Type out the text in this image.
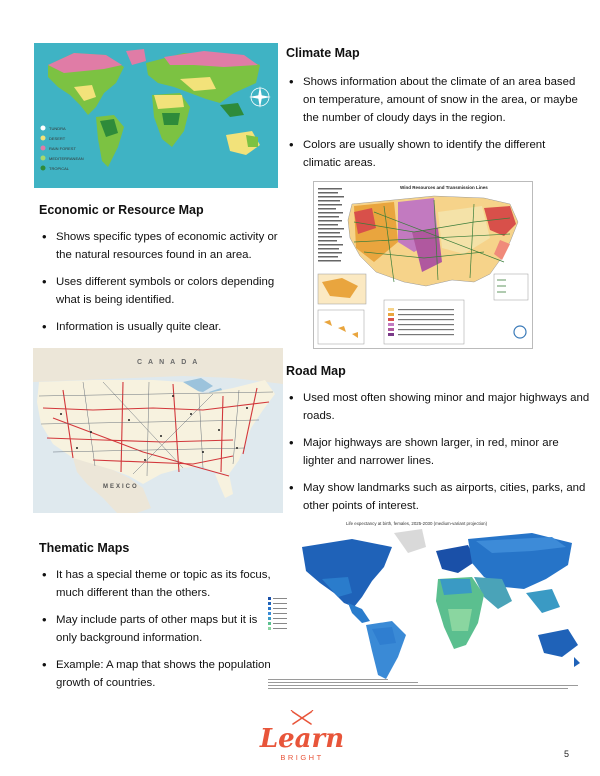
TUNDRA
DESERT
RAIN FOREST
MEDITERRANEAN
TROPICAL
Climate Map
• Shows information about the climate of an area based on temperature, amount of snow in the area, or maybe the number of cloudy days in the region.
• Colors are usually shown to identify the different climatic areas.
Economic or Resource Map
• Shows specific types of economic activity or the natural resources found in an area.
• Uses different symbols or colors depending what is being identified.
• Information is usually quite clear.
Wind Resources and Transmission Lines
CANADA
MEXICO
Road Map
• Used most often showing minor and major highways and roads.
• Major highways are shown larger, in red, minor are lighter and narrower lines.
• May show landmarks such as airports, cities, parks, and other points of interest.
Life expectancy at birth, females, 2025-2030 (medium-variant projection)
Thematic Maps
• It has a special theme or topic as its focus, much different than the others.
• May include parts of other maps but it is only background information.
• Example: A map that shows the population growth of countries.
Learn
BRIGHT	5
